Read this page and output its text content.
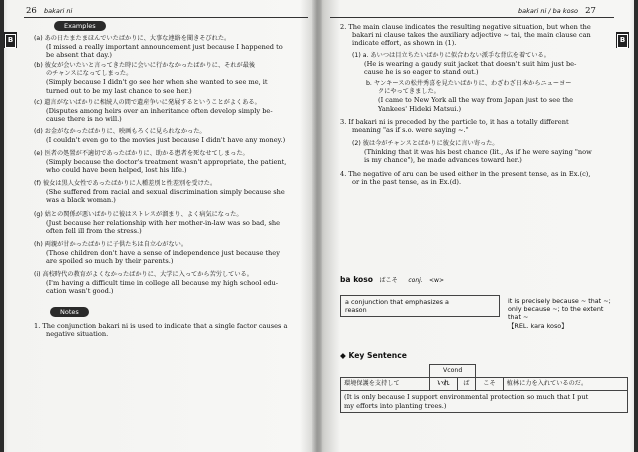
26 bakari ni
B
Examples
(a) あの日たまたまほんでいたばかりに、大事な連絡を聞きそびれた。
(I missed a really important announcement just because I happened to
be absent that day.)
(b) 彼女が会いたいと言ってきた時に会いに行かなかったばかりに、それが最後
のチャンスになってしまった。
(Simply because I didn't go see her when she wanted to see me, it
turned out to be my last chance to see her.)
(c) 遺言がないばかりに相続人の間で遺産争いに発展するということがよくある。
(Disputes among heirs over an inheritance often develop simply be-
cause there is no will.)
(d) お金がなかったばかりに、映画もろくに見られなかった。
(I couldn't even go to the movies just because I didn't have any money.)
(e) 医者の処置が不適切であったばかりに、助かる患者を死なせてしまった。
(Simply because the doctor's treatment wasn't appropriate, the patient,
who could have been helped, lost his life.)
(f) 彼女は黒人女性であったばかりに人種差別と性差別を受けた。
(She suffered from racial and sexual discrimination simply because she
was a black woman.)
(g) 姑との関係が悪いばかりに彼はストレスが溜まり、よく病気になった。
(Just because her relationship with her mother-in-law was so bad, she
often fell ill from the stress.)
(h) 両親が甘かったばかりに子供たちは自立心がない。
(Those children don't have a sense of independence just because they
are spoiled so much by their parents.)
(i) 高校時代の教育がよくなかったばかりに、大学に入ってから苦労している。
(I'm having a difficult time in college all because my high school edu-
cation wasn't good.)
Notes
1. The conjunction bakari ni is used to indicate that a single factor causes a
negative situation.
bakari ni / ba koso 27
B
2. The main clause indicates the resulting negative situation, but when the
bakari ni clause takes the auxiliary adjective ~ tai, the main clause can
indicate effort, as shown in (1).
(1) a. あいつは目立ちたいばかりに似合わない派手な背広を着ている。
(He is wearing a gaudy suit jacket that doesn't suit him just be-
cause he is so eager to stand out.)
b. ヤンキースの松井秀喜を見たいばかりに、わざわざ日本からニューヨー
クにやってきました。
(I came to New York all the way from Japan just to see the
Yankees' Hideki Matsui.)
3. If bakari ni is preceded by the particle to, it has a totally different
meaning "as if s.o. were saying ~."
(2) 彼は今がチャンスとばかりに彼女に言い寄った。
(Thinking that it was his best chance (lit., As if he were saying "now
is my chance"), he made advances toward her.)
4. The negative of aru can be used either in the present tense, as in Ex.(c),
or in the past tense, as in Ex.(d).
ba koso ばこそ conj. <w>
a conjunction that emphasizes a
reason
it is precisely because ~ that ~;
only because ~; to the extent
that ~
【REL. kara koso】
◆ Key Sentence
	Vcond				
環境保護を支持して	いれ	ば	こそ	植林に力を入れているのだ。	

(It is only because I support environmental protection so much that I put
my efforts into planting trees.)					
